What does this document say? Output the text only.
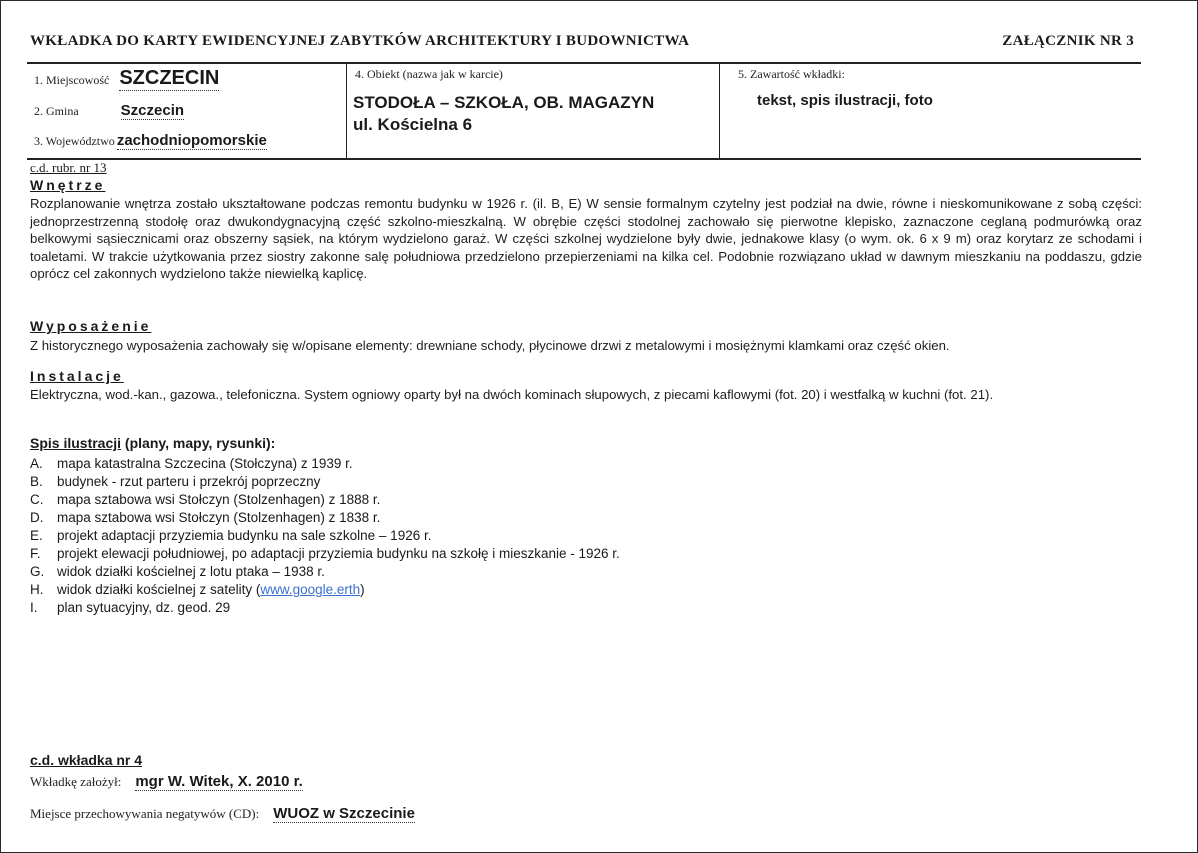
WKŁADKA DO KARTY EWIDENCYJNEJ ZABYTKÓW ARCHITEKTURY I BUDOWNICTWA	ZAŁĄCZNIK NR 3
1. Miejscowość SZCZECIN
2. Gmina	Szczecin
3. Województwo zachodniopomorskie
4. Obiekt (nazwa jak w karcie)
STODOŁA – SZKOŁA, OB. MAGAZYN
ul. Kościelna 6
5. Zawartość wkładki:
tekst, spis ilustracji, foto
c.d. rubr. nr 13
Wnętrze
Rozplanowanie wnętrza zostało ukształtowane podczas remontu budynku w 1926 r. (il. B, E) W sensie formalnym czytelny jest podział na dwie, równe i nieskomunikowane z sobą części: jednoprzestrzenną stodołę oraz dwukondygnacyjną część szkolno-mieszkalną. W obrębie części stodolnej zachowało się pierwotne klepisko, zaznaczone ceglaną podmurówką oraz belkowymi sąsiecznicami oraz obszerny sąsiek, na którym wydzielono garaż. W części szkolnej wydzielone były dwie, jednakowe klasy (o wym. ok. 6 x 9 m) oraz korytarz ze schodami i toaletami. W trakcie użytkowania przez siostry zakonne salę południowa przedzielono przepierzeniami na kilka cel. Podobnie rozwiązano układ w dawnym mieszkaniu na poddaszu, gdzie oprócz cel zakonnych wydzielono także niewielką kaplicę.
Wyposażenie
Z historycznego wyposażenia zachowały się w/opisane elementy: drewniane schody, płycinowe drzwi z metalowymi i mosiężnymi klamkami oraz część okien.
Instalacje
Elektryczna, wod.-kan., gazowa., telefoniczna. System ogniowy oparty był na dwóch kominach słupowych, z piecami kaflowymi (fot. 20) i westfalką w kuchni (fot. 21).
Spis ilustracji (plany, mapy, rysunki):
A.	mapa katastralna Szczecina (Stołczyna) z 1939 r.
B.	budynek - rzut parteru i przekrój poprzeczny
C.	mapa sztabowa wsi Stołczyn (Stolzenhagen) z 1888 r.
D.	mapa sztabowa wsi Stołczyn (Stolzenhagen) z 1838 r.
E.	projekt adaptacji przyziemia budynku na sale szkolne – 1926 r.
F.	projekt elewacji południowej, po adaptacji przyziemia budynku na szkołę i mieszkanie - 1926 r.
G. widok działki kościelnej z lotu ptaka – 1938 r.
H.	widok działki kościelnej z satelity ( www.google.erth )
I.	plan sytuacyjny, dz. geod. 29
c.d. wkładka nr 4
Wkładkę założył: mgr W. Witek, X. 2010 r.
Miejsce przechowywania negatywów (CD): WUOZ w Szczecinie
